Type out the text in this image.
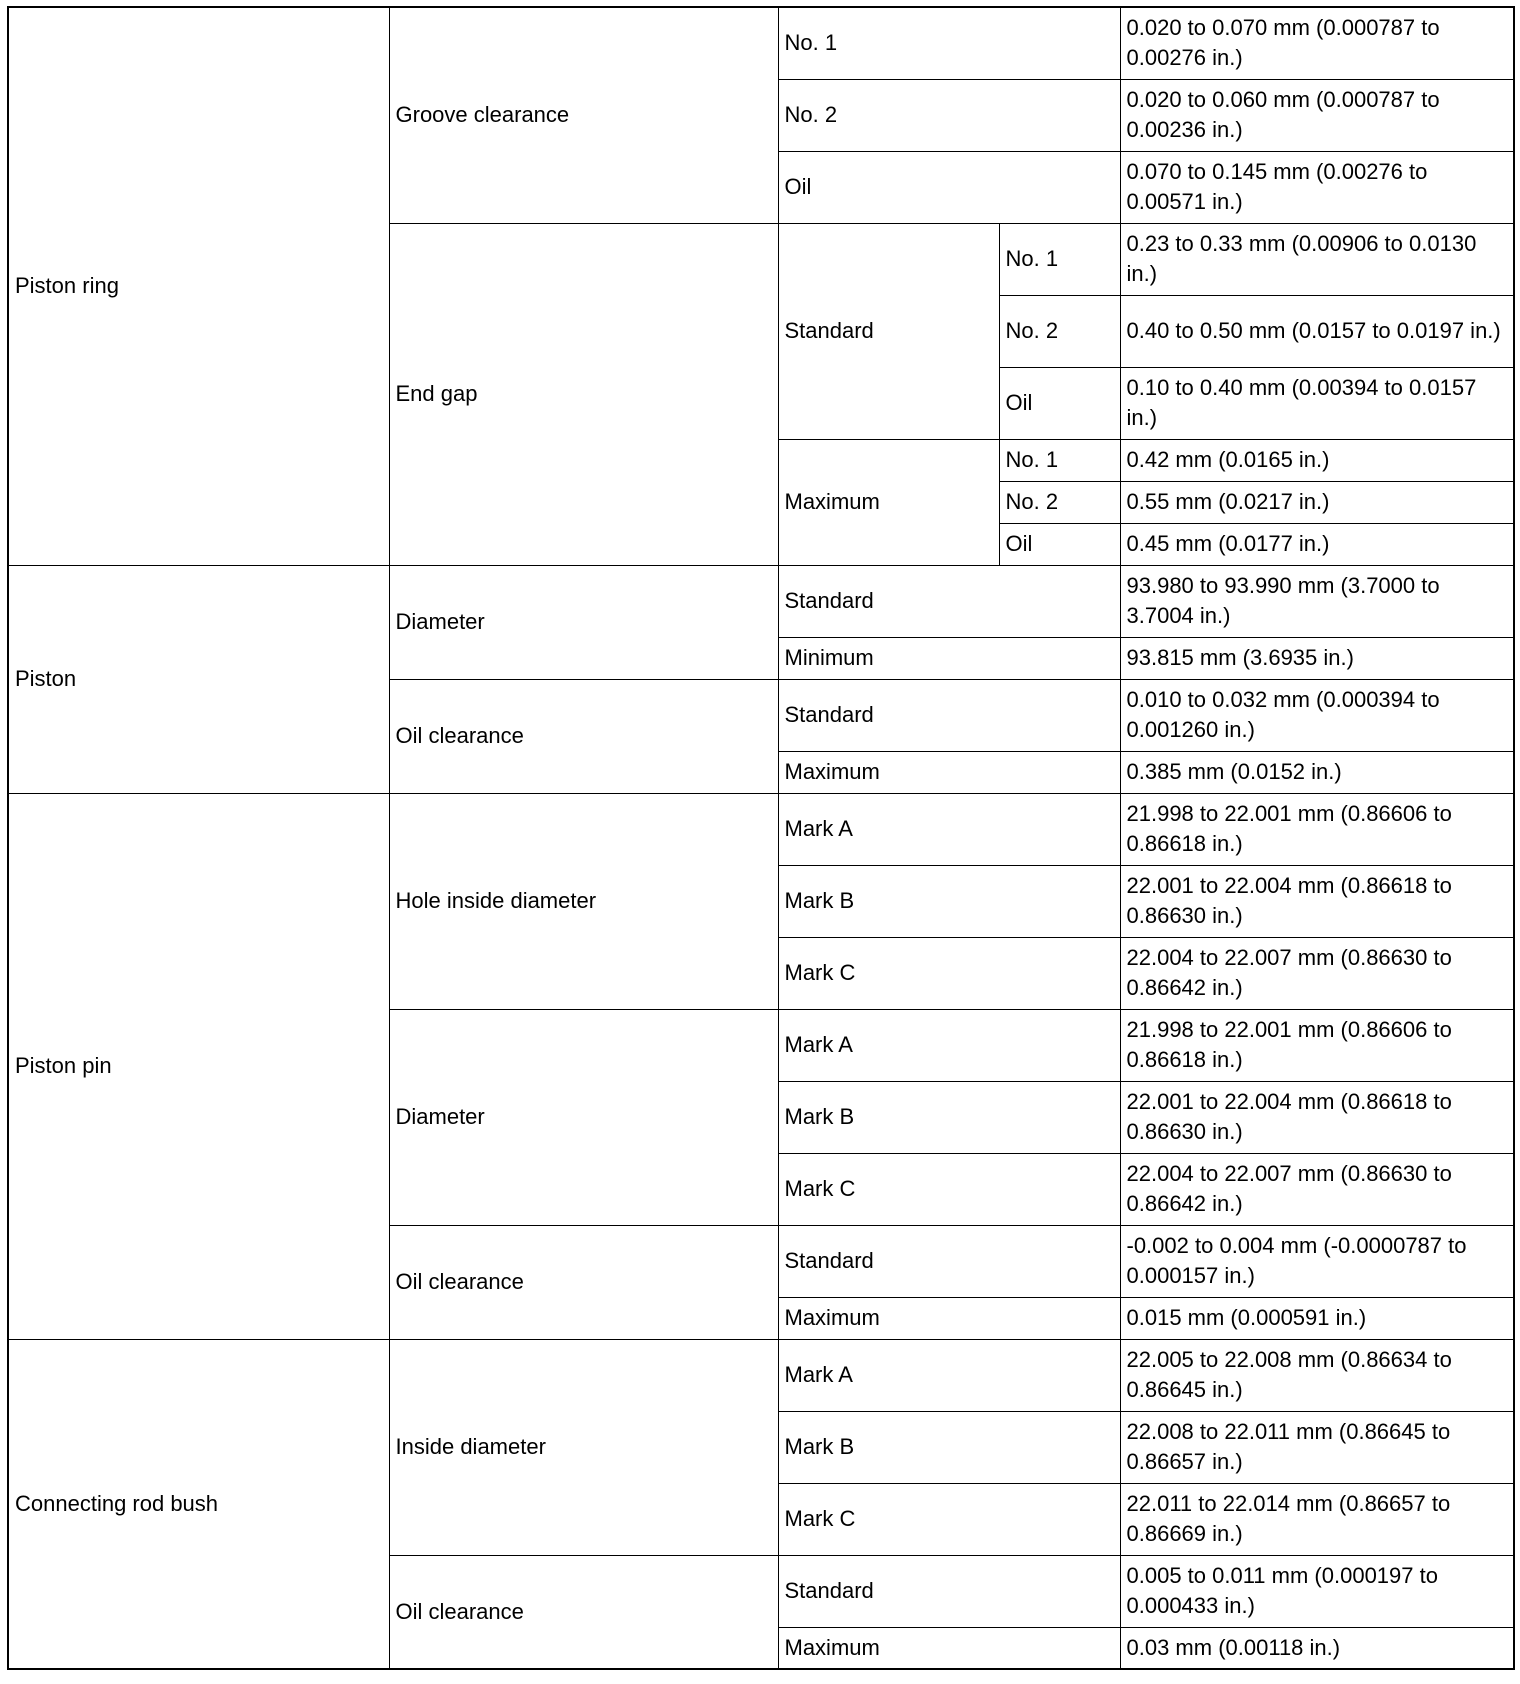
Piston ring	Groove clearance	No. 1		0.020 to 0.070 mm (0.000787 to 0.00276 in.)
		No. 2		0.020 to 0.060 mm (0.000787 to 0.00236 in.)
		Oil		0.070 to 0.145 mm (0.00276 to 0.00571 in.)
	End gap	Standard	No. 1	0.23 to 0.33 mm (0.00906 to 0.0130 in.)
			No. 2	0.40 to 0.50 mm (0.0157 to 0.0197 in.)
			Oil	0.10 to 0.40 mm (0.00394 to 0.0157 in.)
		Maximum	No. 1	0.42 mm (0.0165 in.)
			No. 2	0.55 mm (0.0217 in.)
			Oil	0.45 mm (0.0177 in.)
Piston	Diameter	Standard		93.980 to 93.990 mm (3.7000 to 3.7004 in.)
		Minimum		93.815 mm (3.6935 in.)
	Oil clearance	Standard		0.010 to 0.032 mm (0.000394 to 0.001260 in.)
		Maximum		0.385 mm (0.0152 in.)
Piston pin	Hole inside diameter	Mark A		21.998 to 22.001 mm (0.86606 to 0.86618 in.)
		Mark B		22.001 to 22.004 mm (0.86618 to 0.86630 in.)
		Mark C		22.004 to 22.007 mm (0.86630 to 0.86642 in.)
	Diameter	Mark A		21.998 to 22.001 mm (0.86606 to 0.86618 in.)
		Mark B		22.001 to 22.004 mm (0.86618 to 0.86630 in.)
		Mark C		22.004 to 22.007 mm (0.86630 to 0.86642 in.)
	Oil clearance	Standard		-0.002 to 0.004 mm (-0.0000787 to 0.000157 in.)
		Maximum		0.015 mm (0.000591 in.)
Connecting rod bush	Inside diameter	Mark A		22.005 to 22.008 mm (0.86634 to 0.86645 in.)
		Mark B		22.008 to 22.011 mm (0.86645 to 0.86657 in.)
		Mark C		22.011 to 22.014 mm (0.86657 to 0.86669 in.)
	Oil clearance	Standard		0.005 to 0.011 mm (0.000197 to 0.000433 in.)
		Maximum		0.03 mm (0.00118 in.)
